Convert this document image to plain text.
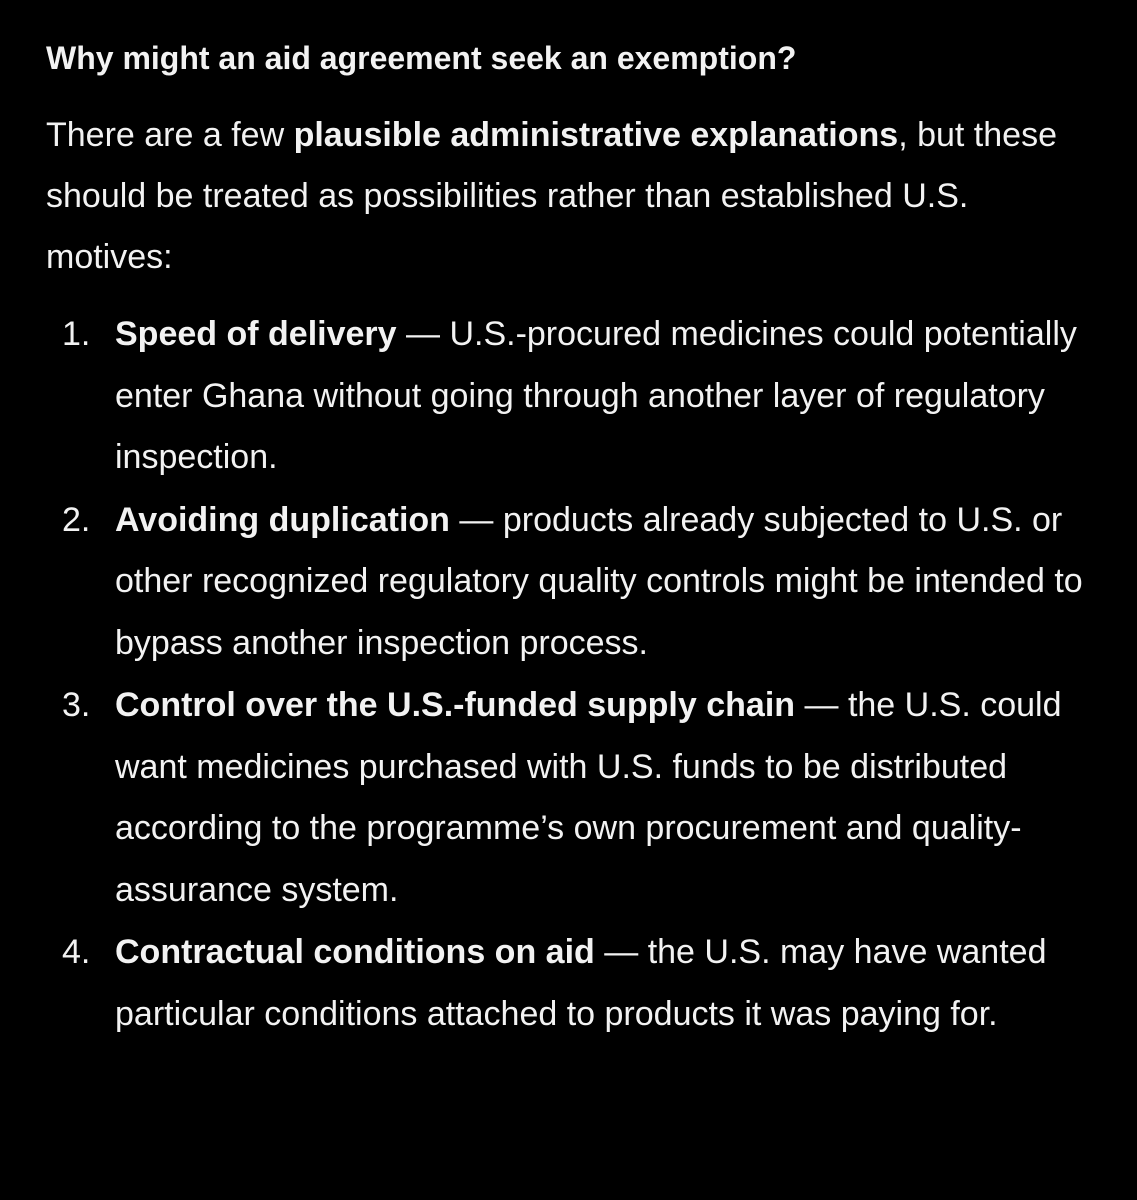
Why might an aid agreement seek an exemption?

There are a few plausible administrative explanations, but these should be treated as possibilities rather than established U.S. motives:

1. Speed of delivery — U.S.-procured medicines could potentially enter Ghana without going through another layer of regulatory inspection.
2. Avoiding duplication — products already subjected to U.S. or other recognized regulatory quality controls might be intended to bypass another inspection process.
3. Control over the U.S.-funded supply chain — the U.S. could want medicines purchased with U.S. funds to be distributed according to the programme’s own procurement and quality-assurance system.
4. Contractual conditions on aid — the U.S. may have wanted particular conditions attached to products it was paying for.
